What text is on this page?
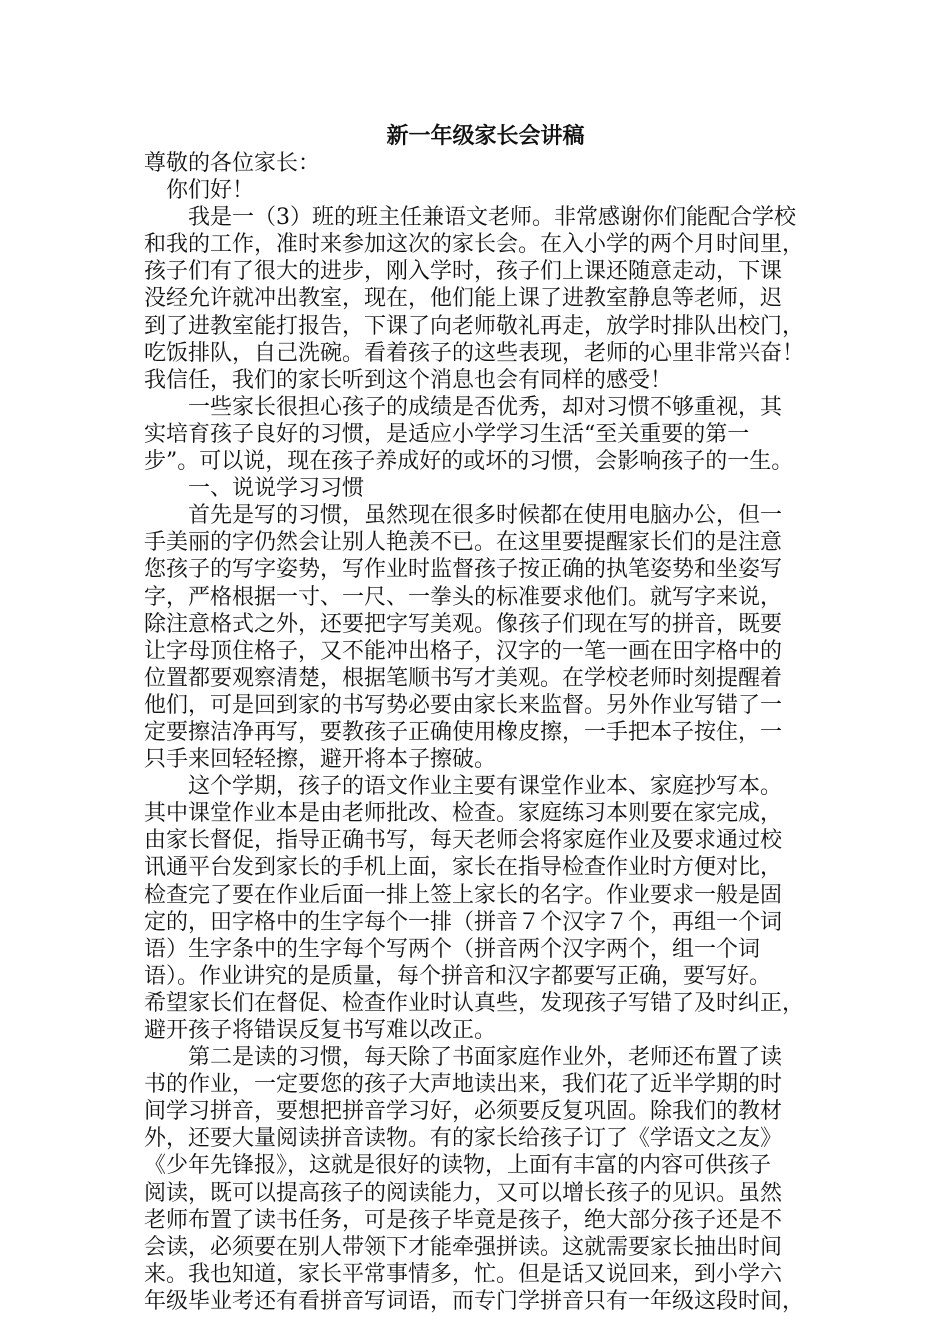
新一年级家长会讲稿
尊敬的各位家长：
你们好！
我是一（3）班的班主任兼语文老师。非常感谢你们能配合学校
和我的工作，准时来参加这次的家长会。在入小学的两个月时间里，
孩子们有了很大的进步，刚入学时，孩子们上课还随意走动，下课
没经允许就冲出教室，现在，他们能上课了进教室静息等老师，迟
到了进教室能打报告，下课了向老师敬礼再走，放学时排队出校门，
吃饭排队，自己洗碗。看着孩子的这些表现，老师的心里非常兴奋！
我信任，我们的家长听到这个消息也会有同样的感受！
一些家长很担心孩子的成绩是否优秀，却对习惯不够重视，其
实培育孩子良好的习惯，是适应小学学习生活“至关重要的第一
步”。可以说，现在孩子养成好的或坏的习惯，会影响孩子的一生。
一、说说学习习惯
首先是写的习惯，虽然现在很多时候都在使用电脑办公，但一
手美丽的字仍然会让别人艳羡不已。在这里要提醒家长们的是注意
您孩子的写字姿势，写作业时监督孩子按正确的执笔姿势和坐姿写
字，严格根据一寸、一尺、一拳头的标准要求他们。就写字来说，
除注意格式之外，还要把字写美观。像孩子们现在写的拼音，既要
让字母顶住格子，又不能冲出格子，汉字的一笔一画在田字格中的
位置都要观察清楚，根据笔顺书写才美观。在学校老师时刻提醒着
他们，可是回到家的书写势必要由家长来监督。另外作业写错了一
定要擦洁净再写，要教孩子正确使用橡皮擦，一手把本子按住，一
只手来回轻轻擦，避开将本子擦破。
这个学期，孩子的语文作业主要有课堂作业本、家庭抄写本。
其中课堂作业本是由老师批改、检查。家庭练习本则要在家完成，
由家长督促，指导正确书写，每天老师会将家庭作业及要求通过校
讯通平台发到家长的手机上面，家长在指导检查作业时方便对比，
检查完了要在作业后面一排上签上家长的名字。作业要求一般是固
定的，田字格中的生字每个一排（拼音７个汉字７个，再组一个词
语）生字条中的生字每个写两个（拼音两个汉字两个，组一个词
语）。作业讲究的是质量，每个拼音和汉字都要写正确，要写好。
希望家长们在督促、检查作业时认真些，发现孩子写错了及时纠正，
避开孩子将错误反复书写难以改正。
第二是读的习惯，每天除了书面家庭作业外，老师还布置了读
书的作业，一定要您的孩子大声地读出来，我们花了近半学期的时
间学习拼音，要想把拼音学习好，必须要反复巩固。除我们的教材
外，还要大量阅读拼音读物。有的家长给孩子订了《学语文之友》
《少年先锋报》，这就是很好的读物，上面有丰富的内容可供孩子
阅读，既可以提高孩子的阅读能力，又可以增长孩子的见识。虽然
老师布置了读书任务，可是孩子毕竟是孩子，绝大部分孩子还是不
会读，必须要在别人带领下才能牵强拼读。这就需要家长抽出时间
来。我也知道，家长平常事情多，忙。但是话又说回来，到小学六
年级毕业考还有看拼音写词语，而专门学拼音只有一年级这段时间，
